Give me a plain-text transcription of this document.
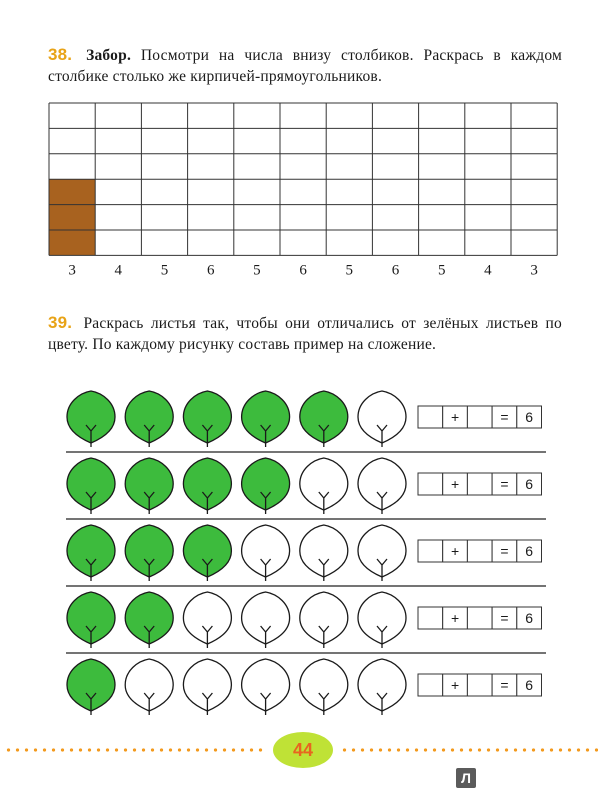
38. Забор. Посмотри на числа внизу столбиков. Раскрась в каждом столбике столько же кирпичей-прямоугольников.
3	4	5	6	5	6	5	6	5	4	3
39. Раскрась листья так, чтобы они отличались от зелёных листьев по цвету. По каждому рисунку составь пример на сложение.
+	= 6
+	= 6
+	= 6
+	= 6
+	= 6
44
Л
